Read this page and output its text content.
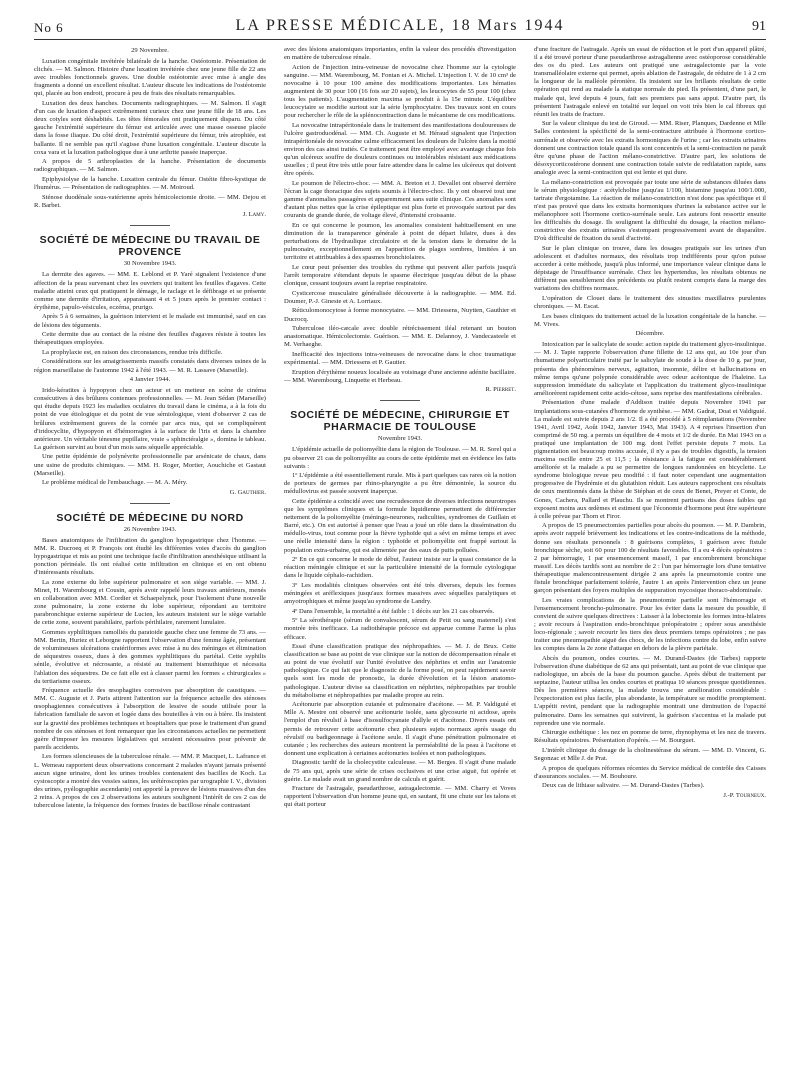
No 6	LA PRESSE MÉDICALE, 18 Mars 1944	91
29 Novembre.

Luxation congénitale invétérée bilatérale de la hanche. Ostéotomie. Présentation de clichés. — M. Salmon. Histoire d'une luxation invétérée chez une jeune fille de 22 ans avec troubles fonctionnels graves. Une double ostéotomie avec mise à angle des fragments a donné un excellent résultat. L'auteur discute les indications de l'ostéotomie qui, placée au bon endroit, procure à peu de frais des résultats remarquables.

Luxation des deux hanches. Documents radiographiques. — M. Salmon. Il s'agit d'un cas de luxation d'aspect extrêmement curieux chez une jeune fille de 18 ans. Les deux cotyles sont déshabités. Les têtes fémorales ont pratiquement disparu. Du côté gauche l'extrémité supérieure du fémur est articulée avec une masse osseuse placée dans la fosse iliaque. Du côté droit, l'extrémité supérieure du fémur, très atrophiée, est ballante. Il ne semble pas qu'il s'agisse d'une luxation congénitale. L'auteur discute la coxa vara et la luxation pathologique due à une arthrite passée inaperçue.

A propos de 5 arthroplasties de la hanche. Présentation de documents radiographiques. — M. Salmon.

Epiphysiolyse de la hanche. Luxation centrale du fémur. Ostéite fibro-kystique de l'humérus. — Présentation de radiographies. — M. Moiroud.

Sténose duodénale sous-vatérienne après hémicolectomie droite. — MM. Dejou et R. Barbet.

J. Lamy.
SOCIÉTÉ DE MÉDECINE DU TRAVAIL DE PROVENCE
30 Novembre 1943.

La dermite des agaves. — MM. E. Leblond et P. Yaré signalent l'existence d'une affection de la peau survenant chez les ouvriers qui traitent les feuilles d'agaves. Cette maladie atteint ceux qui pratiquent le démage, le raclage et le défibrage et se présente comme une dermite d'irritation, apparaissant 4 et 5 jours après le premier contact : érythème, papulo-vésicules, eczéma, prurigo.

Après 5 à 6 semaines, la guérison intervient et le malade est immunisé, sauf en cas de lésions des téguments.

Cette dermite due au contact de la résine des feuilles d'agaves résiste à toutes les thérapeutiques employées.

La prophylaxie est, en raison des circonstances, rendue très difficile.

Considérations sur les amaigrissements massifs constatés dans diverses usines de la région marseillaise de l'automne 1942 à l'été 1943. — M. R. Lassave (Marseille).

4 Janvier 1944.

Irido-kératites à hypopyon chez un acteur et un metteur en scène de cinéma consécutives à des brûlures contenues professionnelles. — M. Jean Sédan (Marseille) qui étudie depuis 1923 les maladies oculaires du travail dans le cinéma, a à la fois du point de vue étiologique et du point de vue sémiologique, vient d'observer 2 cas de brûlures extrêmement graves de la cornée par arcs nus, qui se compliquèrent d'iridocyclite, d'hypopyon et d'hémorragies à la surface de l'iris et dans la chambre antérieure. Un véritable ténesme pupillaire, vraie « sphinctéralgie », domina le tableau. La guérison survint au bout d'un mois sans séquelle appréciable.

Une petite épidémie de polynévrite professionnelle par arsénicate de chaux, dans une usine de produits chimiques. — MM. H. Roger, Mortier, Aouchiche et Gastaut (Marseille).

Le problème médical de l'embauchage. — M. A. Méry.

G. Gauthier.
SOCIÉTÉ DE MÉDECINE DU NORD
26 Novembre 1943.

Bases anatomiques de l'infiltration du ganglion hypogastrique chez l'homme. — MM. R. Ducroeq et P. François ont étudié les différentes voies d'accès du ganglion hypogastrique et mis au point une technique facile d'infiltration anesthésique utilisant la ponction périnéale. Ils ont réalisé cette infiltration en clinique et en ont obtenu d'intéressants résultats.

La zone externe du lobe supérieur pulmonaire et son siège variable. — MM. J. Minet, H. Warembourg et Cousin, après avoir rappelé leurs travaux antérieurs, menés en collaboration avec MM. Cordier et Schaepelynck, pour l'isolement d'une nouvelle zone pulmonaire, la zone externe du lobe supérieur, répondant au territoire parabronchique externe supérieur de Lucien, les auteurs insistent sur le siège variable de cette zone, souvent parahilaire, parfois périhilaire, rarement lunulaire.

Gommes syphilitiques ramolliés du paratoide gauche chez une femme de 73 ans. — MM. Bertin, Huriez et Leborgne rapportent l'observation d'une femme âgée, présentant de volumineuses ulcérations cratériformes avec mise à nu des méninges et élimination de séquestres osseux, dues à des gommes syphilitiques du pariétal. Cette syphilis sénile, évolutive et nécrosante, a résisté au traitement bismuthique et nécessita l'ablation des séquestres. De ce fait elle est à classer parmi les formes « chirurgicales » du tertiarisme osseux.

Fréquence actuelle des œsophagites corrosives par absorption de caustiques. — MM. C. Auguste et J. Paris attirent l'attention sur la fréquence actuelle des sténoses œsophagiennes consécutives à l'absorption de lessive de soude utilisée pour la fabrication familiale de savon et logée dans des bouteilles à vin ou à bière. Ils insistent sur la gravité des problèmes techniques et hospitaliers que pose le traitement d'un grand nombre de ces sténoses et font remarquer que les circonstances actuelles ne permettent guère d'imposer les mesures législatives qui seraient nécessaires pour prévenir de pareils accidents.

Les formes silencieuses de la tuberculose rénale. — MM. P. Macquet, L. Lafrance et L. Wemeau rapportent deux observations concernant 2 malades n'ayant jamais présenté aucun signe urinaire, dont les urines troubles contenaient des bacilles de Koch. La cystoscopie a montré des vessies saines, les urétéroscopies par urographie I. V., division des urines, pyélographie ascendante) ont apporté la preuve de lésions massives d'un des 2 reins. A propos de ces 2 observations les auteurs soulignent l'intérêt de ces 2 cas de tuberculose latente, la fréquence des formes frustes de bacillose rénale contrastant

avec des lésions anatomiques importantes, enfin la valeur des procédés d'investigation en matière de tuberculose rénale.

Action de l'injection intra-veineuse de novocaïne chez l'homme sur la cytologie sanguine. — MM. Warembourg, M. Fontan et A. Michel. L'injection I. V. de 10 cm³ de novocaïne à 10 pour 100 amène des modifications importantes. Les hématies augmentent de 30 pour 100 (16 fois sur 20 sujets), les leucocytes de 55 pour 100 (chez tous les patients). L'augmentation maxima se produit à la 15e minute. L'équilibre leucocytaire se modifie surtout sur la série lymphocytaire. Des travaux sont en cours pour rechercher le rôle de la splénocontraction dans le mécanisme de ces modifications.

La novocaïne intrapéritonéale dans le traitement des manifestations douloureuses de l'ulcère gastroduodénal. — MM. Ch. Auguste et M. Héraud signalent que l'injection intrapéritonéale de novocaïne calme efficacement les douleurs de l'ulcère dans la moitié environ des cas ainsi traités. Ce traitement peut être employé avec avantage chaque fois qu'un ulcéreux souffre de douleurs continues ou intolérables résistant aux médications usuelles ; il peut être très utile pour faire attendre dans le calme les ulcéreux qui doivent être opérés.

Le poumon de l'électro-choc. — MM. A. Breton et J. Devallet ont observé derrière l'écran la cage thoracique des sujets soumis à l'électro-choc. Ils y ont observé tout une gamme d'anomalies passagères et apparemment sans suite clinique. Ces anomalies sont d'autant plus nettes que la crise épileptique est plus forte et provoquée surtout par des courants de grande durée, de voltage élevé, d'intensité croissante.

En ce qui concerne le poumon, les anomalies consistent habituellement en une diminution de la transparence générale à point de départ hilaire, dues à des perturbations de l'hydraulique circulatoire et de la tension dans le domaine de la pulmonaire, exceptionnellement en l'apparition de plages sombres, limitées à un territoire et attribuables à des spasmes bronchiolaires.

Le cœur peut présenter des troubles du rythme qui peuvent aller parfois jusqu'à l'arrêt temporaire s'étendant depuis le spasme électrique jusqu'au début de la phase clonique, cessant toujours avant la reprise respiratoire.

Cysticercose musculaire généralisée découverte à la radiographie. — MM. Ed. Doumer, P.-J. Gineste et A. Lorriaux.

Réticulomonocytose à forme monocytaire. — MM. Driessens, Nuytten, Gauthier et Ducrocq.

Tuberculose iléo-cæcale avec double rétrécissement iléal retenant un bouton anastomatique. Hémicolectomie. Guérison. — MM. E. Delannoy, J. Vandecasteele et M. Verhaeghe.

Inefficacité des injections intra-veineuses de novocaïne dans le choc traumatique expérimental. — MM. Driessens et P. Gautier.

Eruption d'érythème noueux localisée au voisinage d'une ancienne adénite bacillaire. — MM. Warembourg, Linquette et Herbeau.

R. Pierret.
SOCIÉTÉ DE MÉDECINE, CHIRURGIE ET PHARMACIE DE TOULOUSE
Novembre 1943.

L'épidémie actuelle de poliomyélite dans la région de Toulouse. — M. R. Sorel qui a pu observer 21 cas de poliomyélite au cours de cette épidémie met en évidence les faits suivants :

1º L'épidémie a été essentiellement rurale. Mis à part quelques cas rares où la notion de porteurs de germes par rhino-pharyngite a pu être démontrée, la source du médullovirus est passée souvent inaperçue.

Cette épidémie a coïncidé avec une recrudescence de diverses infections neurotropes que les symptômes cliniques et la formule liquidienne permettent de différencier nettement de la poliomyélite (méningo-neurones, radiculites, syndromes de Guillain et Barré, etc.). On est autorisé à penser que l'eau a joué un rôle dans la dissémination du médullo-virus, tout comme pour la fièvre typhoïde qui a sévi en même temps et avec une réelle intensité dans la région : typhoïde et poliomyélite ont frappé surtout la population extra-urbaine, qui est alimentée par des eaux de puits polluées.

2º En ce qui concerne le mode de début, l'auteur insiste sur la quasi constance de la réaction méningée clinique et sur la particulière intensité de la formule cytologique dans le liquide céphalo-rachidien.

3º Les modalités cliniques observées ont été très diverses, depuis les formes méningées et aréflexiques jusqu'aux formes massives avec séquelles paralytiques et amyotrophiques et même jusqu'au syndrome de Landry.

4º Dans l'ensemble, la mortalité a été faible : 1 décès sur les 21 cas observés.

5º La sérothérapie (sérum de convalescent, sérum de Petit ou sang maternel) s'est montrée très inefficace. La radiothérapie précoce est apparue comme l'arme la plus efficace.

Essai d'une classification pratique des néphropathies. — M. J. de Brux. Cette classification se base au point de vue clinique sur la notion de décompensation rénale et au point de vue évolutif sur l'unité évolutive des néphrites et enfin sur l'anatomie pathologique. Ce qui fait que le diagnostic de la forme posé, on peut rapidement savoir quels sont les mode de pronostic, la durée d'évolution et la lésion anatomo-pathologique. L'auteur divise sa classification en néphrites, néphropathies par trouble du métabolisme et néphropathies par maladie propre au rein.

Acétonurie par absorption cutanée et pulmonaire d'acétone. — M. P. Valdiguié et Mlle A. Mestre ont observé une acétonurie isolée, sans glycosurie ni acidose, après l'emploi d'un révulsif à base d'isosulfocyanate d'allyle et d'acétone. Divers essais ont permis de retrouver cette acétonurie chez plusieurs sujets normaux après usage du révulsif ou badigeonnage à l'acétone seule. Il s'agit d'une pénétration pulmonaire et cutanée ; les recherches des auteurs montrent la perméabilité de la peau à l'acétone et donnent une explication à certaines acétonuries isolées et non pathologiques.

Diagnostic tardif de la cholecystite calculeuse. — M. Berges. Il s'agit d'une malade de 75 ans qui, après une série de crises occlusives et une crise aiguë, fut opérée et guérie. Le malade avait un grand nombre de calculs et guérit.

Fracture de l'astragale, pseudarthrose, astragalectomie. — MM. Charry et Voves rapportent l'observation d'un homme jeune qui, en sautant, fit une chute sur les talons et qui était porteur

d'une fracture de l'astragale. Après un essai de réduction et le port d'un appareil plâtré, il a été trouvé porteur d'une pseudarthrose astragalienne avec ostéoporose considérable des os du pied. Les auteurs ont pratiqué une astragalectomie par la voie transmalléolaire externe qui permet, après ablation de l'astragale, de réduire de 1 à 2 cm la longueur de la malléole péronière. Ils insistent sur les brillants résultats de cette opération qui rend au malade la statique normale du pied. Ils présentent, d'une part, le malade qui, levé depuis 4 jours, fait ses premiers pas sans appui. D'autre part, ils présentent l'astragale enlevé en totalité sur lequel on voit très bien le cal fibreux qui réunit les traits de fracture.

Sur la valeur clinique du test de Giroud. — MM. Riser, Planques, Dardenne et Mlle Salles contestent la spécificité de la semi-contracture attribuée à l'hormone cortico-surrénale et observée avec les extraits hormoniques de l'urine ; car les extraits urinaires donnent une contraction totale quand ils sont concentrés et la semi-contraction ne paraît être qu'une phase de l'action mélano-constrictive. D'autre part, les solutions de désoxycorticostérone donnent une contraction totale suivie de redilatation rapide, sans analogie avec la semi-contraction qui est lente et qui dure.

La mélano-constriction est provoquée par toute une série de substances diluées dans le sérum physiologique : acétylcholine jusqu'au 1/100, histamine jusqu'au 100/1.000, tartrate d'ergotamine. La réaction de mélano-constriction n'est donc pas spécifique et il n'est pas prouvé que dans les extraits hormoniques d'urines la substance active sur le mélanophore soit l'hormone cortico-surrénale seule. Les auteurs font ressortir ensuite les difficultés du dosage. Ils soulignent la difficulté du dosage, la réaction mélano-constrictive des extraits urinaires s'estompant progressivement avant de disparaître. D'où difficulté de fixation du seuil d'activité.

Sur le plan clinique on trouve, dans les dosages pratiqués sur les urines d'un adolescent et d'adultes normaux, des résultats trop indifférents pour qu'on puisse accorder à cette méthode, jusqu'à plus informé, une importance valeur clinique dans le dépistage de l'insuffisance surrénale. Chez les hypertendus, les résultats obtenus ne diffèrent pas sensiblement des précédents ou plutôt restent compris dans la marge des variations des chiffres normaux.

L'opération de Clouet dans le traitement des sinusites maxillaires purulentes chroniques. — M. Escat.

Les bases cliniques du traitement actuel de la luxation congénitale de la hanche. — M. Vives.

Décembre.

Intoxication par le salicylate de soude: action rapide du traitement glyco-insulinique. — M. J. Tapie rapporte l'observation d'une fillette de 12 ans qui, au 10e jour d'un rhumatisme polyarticulaire traité par le salicylate de soude à la dose de 10 g. par jour, présenta des phénomènes nerveux, agitation, insomnie, délire et hallucinations en même temps qu'une polypnée considérable avec odeur acétonique de l'haleine. La suppression immédiate du salicylate et l'application du traitement glyco-insulinique améliorèrent rapidement cette acido-cétose, sans reprise des manifestations cérébrales.

Présentation d'une malade d'Addison traitée depuis Novembre 1941 par implantations sous-cutanées d'hormone de synthèse. — MM. Gadrat, Doat et Valdiguié. La malade est suivie depuis 2 ans 1/2. Il a été procédé à 5 réimplantations (Novembre 1941, Avril 1942, Août 1942, Janvier 1943, Mai 1943). A 4 reprises l'insertion d'un comprimé de 50 mg. a permis un équilibre de 4 mois et 1/2 de durée. En Mai 1943 on a pratiqué une implantation de 100 mg. dont l'effet persiste depuis 7 mois. La pigmentation est beaucoup moins accusée, il n'y a pas de troubles digestifs, la tension maxima oscille entre 25 et 11,5 ; la résistance à la fatigue est considérablement améliorée et la malade a pu se permettre de longues randonnées en bicyclette. Le syndrome biologique revue peu modifié : il faut noter cependant une augmentation progressive de l'hydrémie et du glutathion réduit. Les auteurs rapprochent ces résultats de ceux mentionnés dans la thèse de Stéphan et de ceux de Benet, Preyer et Conte, de Gones, Cachera, Pallard et Plauchu. Ils se montrent partisans des doses faibles qui exposent moins aux œdèmes et estiment que l'économie d'hormone peut être supérieure à celle prévue par Thorn et Firor.

A propos de 15 pneumectomies partielles pour abcès du poumon. — M. P. Dambrin, après avoir rappelé brièvement les indications et les contre-indications de la méthode, donne ses résultats personnels : 8 guérisons complètes, 1 guérison avec fistule bronchique sèche, soit 60 pour 100 de résultats favorables. Il a eu 4 décès opératoires : 2 par hémorragie, 1 par ensemencement massif, 1 par encombrement bronchique massif. Les décès tardifs sont au nombre de 2 : l'un par hémorragie lors d'une tentative thérapeutique malencontreusement dirigée 2 ans après la pneumotomie contre une fistule bronchique parfaitement tolérée, l'autre 1 an après l'intervention chez un jeune garçon présentant des foyers multiples de suppuration mycosique thoraco-abdominale.

Les vraies complications de la pneumotomie partielle sont l'hémorragie et l'ensemencement broncho-pulmonaire. Pour les éviter dans la mesure du possible, il convient de suivre quelques directives : Laisser à la lobectomie les formes intra-hilaires ; avoir recours à l'aspiration endo-bronchique préopératoire ; opérer sous anesthésie loco-régionale ; savoir recourir les tiers des deux premiers temps opératoires ; ne pas traiter une pneumopathie aiguë des chocs, de les infections contre du lobe, enfin suivre les comptes dans la 2e zone d'attaque en dehors de la plèvre pariétale.

Abcès du poumon, ondes courtes. — M. Durand-Dastes (de Tarbes) rapporte l'observation d'une diabétique de 62 ans qui présentait, tant au point de vue clinique que radiologique, un abcès de la base du poumon gauche. Après début de traitement par septazine, l'auteur utilisa les ondes courtes et pratiqua 10 séances presque quotidiennes. Dès les premières séances, la malade trouva une amélioration considérable : l'expectoration est plus facile, plus abondante, la température se modifie promptement. L'appétit revint, pendant que la radiographie montrait une diminution de l'opacité pulmonaire. Dans les semaines qui suivirent, la guérison s'accentua et la malade put reprendre une vie normale.

Chirurgie esthétique : les nez en pomme de terre, rhynophyma et les nez de travers. Résultats opératoires. Présentation d'opérés. — M. Bourguet.

L'intérêt clinique du dosage de la cholinestérase du sérum. — MM. D. Vincent, G. Segonzac et Mlle J. de Prat.

A propos de quelques réformes récentes du Service médical de contrôle des Caisses d'assurances sociales. — M. Bouhoure.

Deux cas de lithiase salivaire. — M. Durand-Dastes (Tarbes).

J.-P. Tourneux.
